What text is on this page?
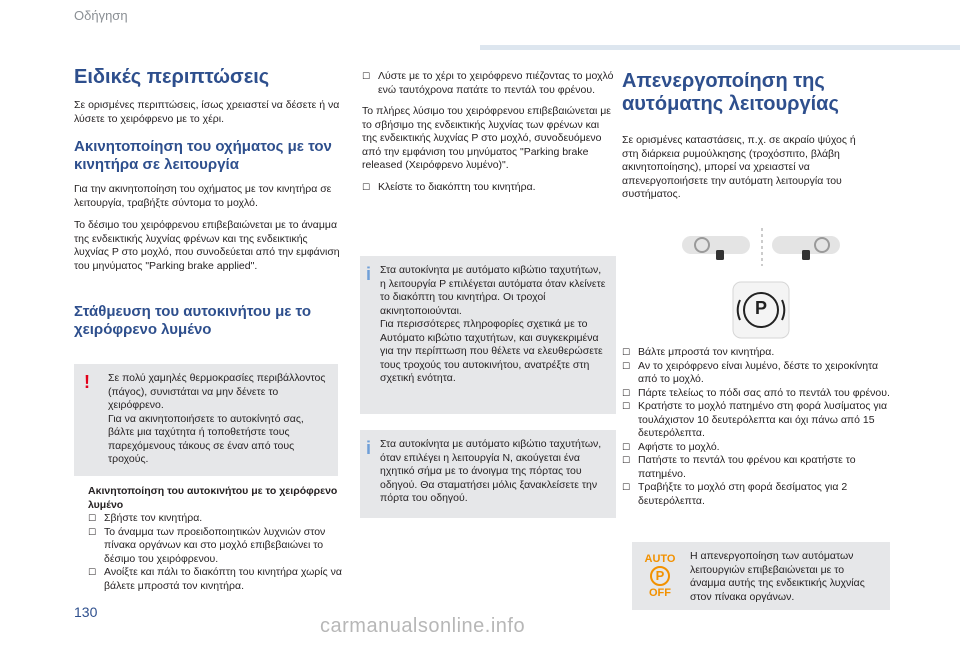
Οδήγηση
Ειδικές περιπτώσεις

Σε ορισμένες περιπτώσεις, ίσως χρειαστεί να δέσετε ή να λύσετε το χειρόφρενο με το χέρι.

Ακινητοποίηση του οχήματος με τον κινητήρα σε λειτουργία

Για την ακινητοποίηση του οχήματος με τον κινητήρα σε λειτουργία, τραβήξτε σύντομα το μοχλό.

Το δέσιμο του χειρόφρενου επιβεβαιώνεται με το άναμμα της ενδεικτικής λυχνίας φρένων και της ενδεικτικής λυχνίας P στο μοχλό, που συνοδεύεται από την εμφάνιση του μηνύματος "Parking brake applied".

Στάθμευση του αυτοκινήτου με το χειρόφρενο λυμένο
! Σε πολύ χαμηλές θερμοκρασίες περιβάλλοντος (πάγος), συνιστάται να μην δένετε το χειρόφρενο.

Για να ακινητοποιήσετε το αυτοκίνητό σας, βάλτε μια ταχύτητα ή τοποθετήστε τους παρεχόμενους τάκους σε έναν από τους τροχούς.

Ακινητοποίηση του αυτοκινήτου με το χειρόφρενο λυμένο

☐ Σβήστε τον κινητήρα.
☐ Το άναμμα των προειδοποιητικών λυχνιών στον πίνακα οργάνων και στο μοχλό επιβεβαιώνει το δέσιμο του χειρόφρενου.
☐ Ανοίξτε και πάλι το διακόπτη του κινητήρα χωρίς να βάλετε μπροστά τον κινητήρα.
☐ Λύστε με το χέρι το χειρόφρενο πιέζοντας το μοχλό ενώ ταυτόχρονα πατάτε το πεντάλ του φρένου.

Το πλήρες λύσιμο του χειρόφρενου επιβεβαιώνεται με το σβήσιμο της ενδεικτικής λυχνίας των φρένων και της ενδεικτικής λυχνίας P στο μοχλό, συνοδευόμενο από την εμφάνιση του μηνύματος "Parking brake released (Χειρόφρενο λυμένο)".

☐ Κλείστε το διακόπτη του κινητήρα.
i Στα αυτοκίνητα με αυτόματο κιβώτιο ταχυτήτων, η λειτουργία P επιλέγεται αυτόματα όταν κλείνετε το διακόπτη του κινητήρα. Οι τροχοί ακινητοποιούνται.

Για περισσότερες πληροφορίες σχετικά με το Αυτόματο κιβώτιο ταχυτήτων, και συγκεκριμένα για την περίπτωση που θέλετε να ελευθερώσετε τους τροχούς του αυτοκινήτου, ανατρέξτε στη σχετική ενότητα.

i Στα αυτοκίνητα με αυτόματο κιβώτιο ταχυτήτων, όταν επιλέγει η λειτουργία N, ακούγεται ένα ηχητικό σήμα με το άνοιγμα της πόρτας του οδηγού. Θα σταματήσει μόλις ξανακλείσετε την πόρτα του οδηγού.

Απενεργοποίηση της αυτόματης λειτουργίας

Σε ορισμένες καταστάσεις, π.χ. σε ακραίο ψύχος ή στη διάρκεια ρυμούλκησης (τροχόσπιτο, βλάβη ακινητοποίησης), μπορεί να χρειαστεί να απενεργοποιήσετε την αυτόματη λειτουργία του συστήματος.

P
☐ Βάλτε μπροστά τον κινητήρα.
☐ Αν το χειρόφρενο είναι λυμένο, δέστε το χειροκίνητα από το μοχλό.
☐ Πάρτε τελείως το πόδι σας από το πεντάλ του φρένου.
☐ Κρατήστε το μοχλό πατημένο στη φορά λυσίματος για τουλάχιστον 10 δευτερόλεπτα και όχι πάνω από 15 δευτερόλεπτα.
☐ Αφήστε το μοχλό.
☐ Πατήστε το πεντάλ του φρένου και κρατήστε το πατημένο.
☐ Τραβήξτε το μοχλό στη φορά δεσίματος για 2 δευτερόλεπτα.
AUTO
P
OFF

Η απενεργοποίηση των αυτόματων λειτουργιών επιβεβαιώνεται με το άναμμα αυτής της ενδεικτικής λυχνίας στον πίνακα οργάνων.

130
carmanualsonline.info
